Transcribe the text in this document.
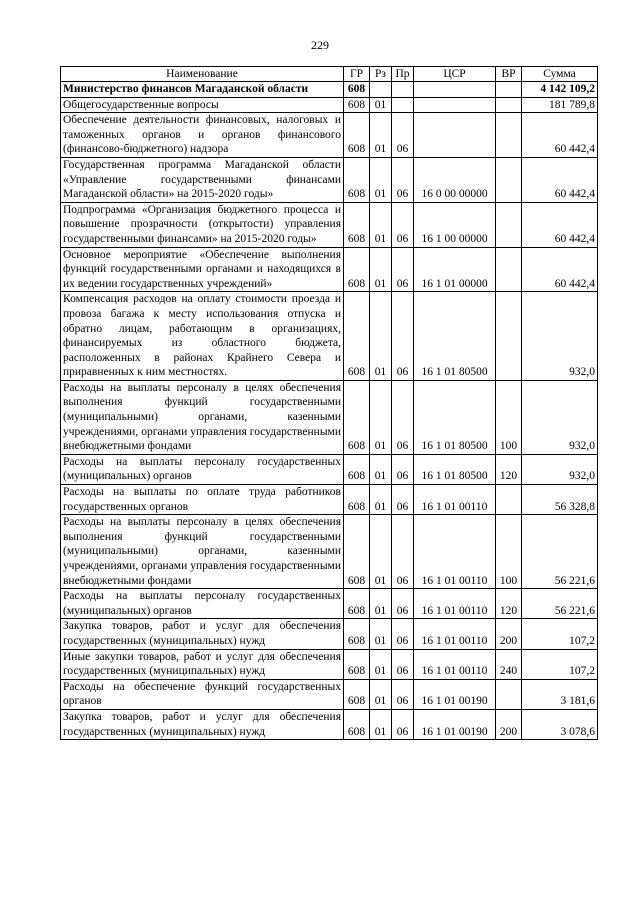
229
Наименование	ГР	Рз	Пр	ЦСР	ВР	Сумма
Министерство финансов Магаданской области	608					4 142 109,2
Общегосударственные вопросы	608	01				181 789,8
Обеспечение деятельности финансовых, налоговых и таможенных органов и органов финансового (финансово-бюджетного) надзора	608	01	06			60 442,4
Государственная программа Магаданской области «Управление государственными финансами Магаданской области» на 2015-2020 годы»	608	01	06	16 0 00 00000		60 442,4
Подпрограмма «Организация бюджетного процесса и повышение прозрачности (открытости) управления государственными финансами» на 2015-2020 годы»	608	01	06	16 1 00 00000		60 442,4
Основное мероприятие «Обеспечение выполнения функций государственными органами и находящихся в их ведении государственных учреждений»	608	01	06	16 1 01 00000		60 442,4
Компенсация расходов на оплату стоимости проезда и провоза багажа к месту использования отпуска и обратно лицам, работающим в организациях, финансируемых из областного бюджета, расположенных в районах Крайнего Севера и приравненных к ним местностях.	608	01	06	16 1 01 80500		932,0
Расходы на выплаты персоналу в целях обеспечения выполнения функций государственными (муниципальными) органами, казенными учреждениями, органами управления государственными внебюджетными фондами	608	01	06	16 1 01 80500	100	932,0
Расходы на выплаты персоналу государственных (муниципальных) органов	608	01	06	16 1 01 80500	120	932,0
Расходы на выплаты по оплате труда работников государственных органов	608	01	06	16 1 01 00110		56 328,8
Расходы на выплаты персоналу в целях обеспечения выполнения функций государственными (муниципальными) органами, казенными учреждениями, органами управления государственными внебюджетными фондами	608	01	06	16 1 01 00110	100	56 221,6
Расходы на выплаты персоналу государственных (муниципальных) органов	608	01	06	16 1 01 00110	120	56 221,6
Закупка товаров, работ и услуг для обеспечения государственных (муниципальных) нужд	608	01	06	16 1 01 00110	200	107,2
Иные закупки товаров, работ и услуг для обеспечения государственных (муниципальных) нужд	608	01	06	16 1 01 00110	240	107,2
Расходы на обеспечение функций государственных органов	608	01	06	16 1 01 00190		3 181,6
Закупка товаров, работ и услуг для обеспечения государственных (муниципальных) нужд	608	01	06	16 1 01 00190	200	3 078,6
